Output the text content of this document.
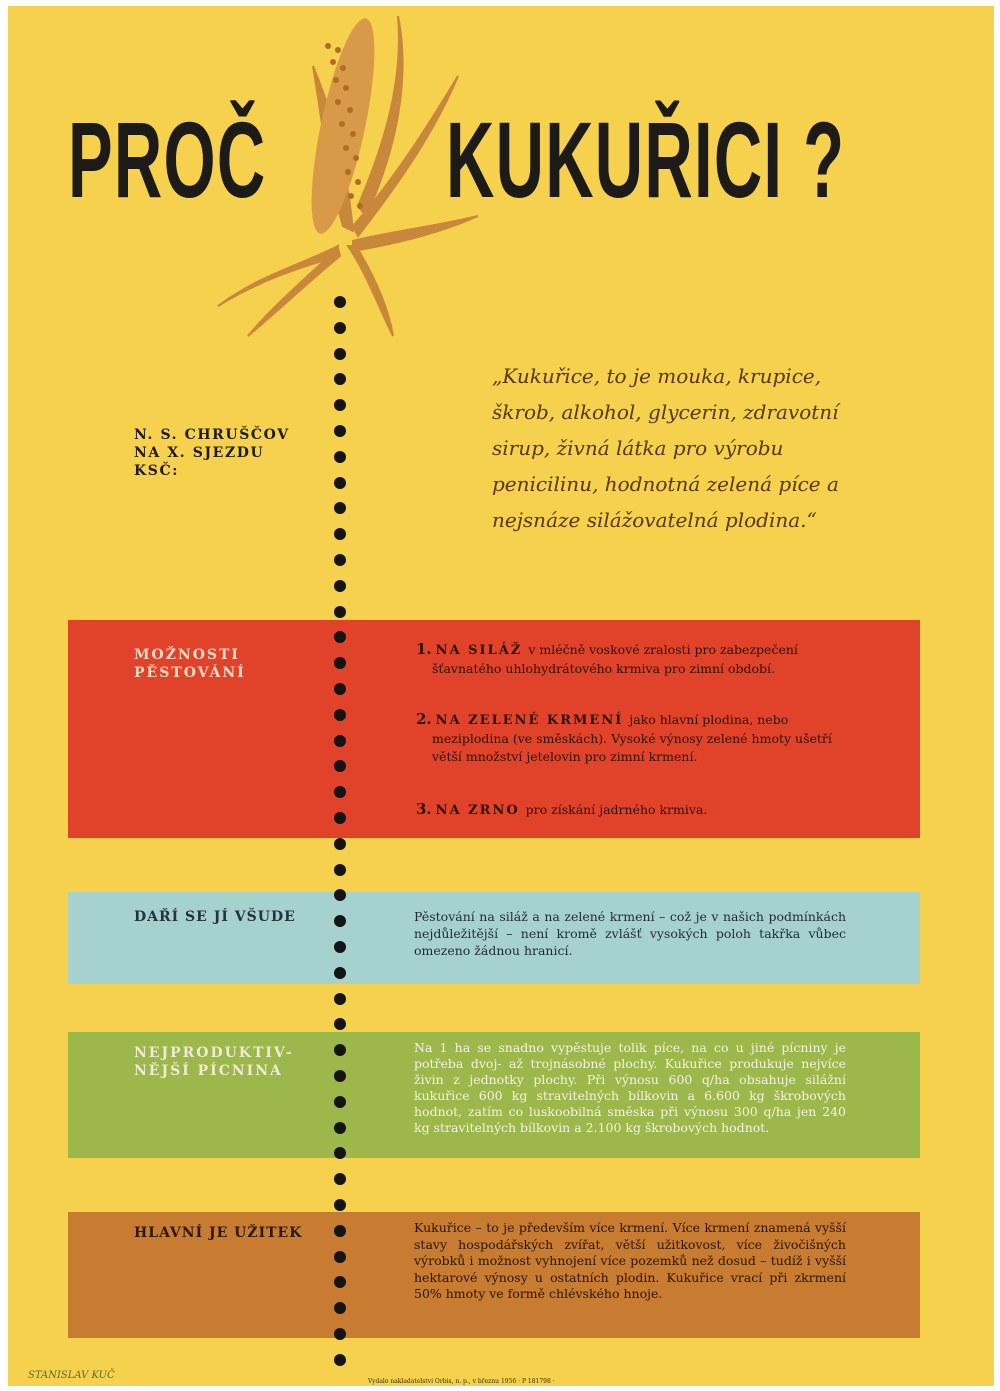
PROČ KUKUŘICI ?
N. S. CHRUŠČOV
NA X. SJEZDU
KSČ:
„Kukuřice, to je mouka, krupice, škrob, alkohol, glycerin, zdravotní sirup, živná látka pro výrobu penicilinu, hodnotná zelená píce a nejsnáze silážovatelná plodina.“
MOŽNOSTI
PĚSTOVÁNÍ
DAŘÍ SE JÍ VŠUDE
NEJPRODUKTIV-
NĚJŠÍ PÍCNINA
HLAVNÍ JE UŽITEK
1. NA SILÁŽ v mléčně voskové zralosti pro zabezpečení
šťavnatého uhlohydrátového krmiva pro zimní období.
2. NA ZELENÉ KRMENÍ jako hlavní plodina, nebo
meziplodina (ve směskách). Vysoké výnosy zelené hmoty ušetří větší množství jetelovin pro zimní krmení.
3. NA ZRNO pro získání jadrného krmiva.
Pěstování na siláž a na zelené krmení – což je v našich podmínkách nejdůležitější – není kromě zvlášť vysokých poloh takřka vůbec omezeno žádnou hranicí.
Na 1 ha se snadno vypěstuje tolik píce, na co u jiné pícniny je potřeba dvoj- až trojnásobné plochy. Kukuřice produkuje nejvíce živin z jednotky plochy. Při výnosu 600 q/ha obsahuje silážní kukuřice 600 kg stravitelných bílkovin a 6.600 kg škrobových hodnot, zatím co luskoobilná směska při výnosu 300 q/ha jen 240 kg stravitelných bílkovin a 2.100 kg škrobových hodnot.
Kukuřice – to je především více krmení. Více krmení znamená vyšší stavy hospodářských zvířat, větší užitkovost, více živočišných výrobků i možnost vyhnojení více pozemků než dosud – tudíž i vyšší hektarové výnosy u ostatních plodin. Kukuřice vrací při zkrmení 50% hmoty ve formě chlévského hnoje.
STANISLAV KUČ
Vydalo nakladatelství Orbis, n. p., v březnu 1956 · P 181798 ·
